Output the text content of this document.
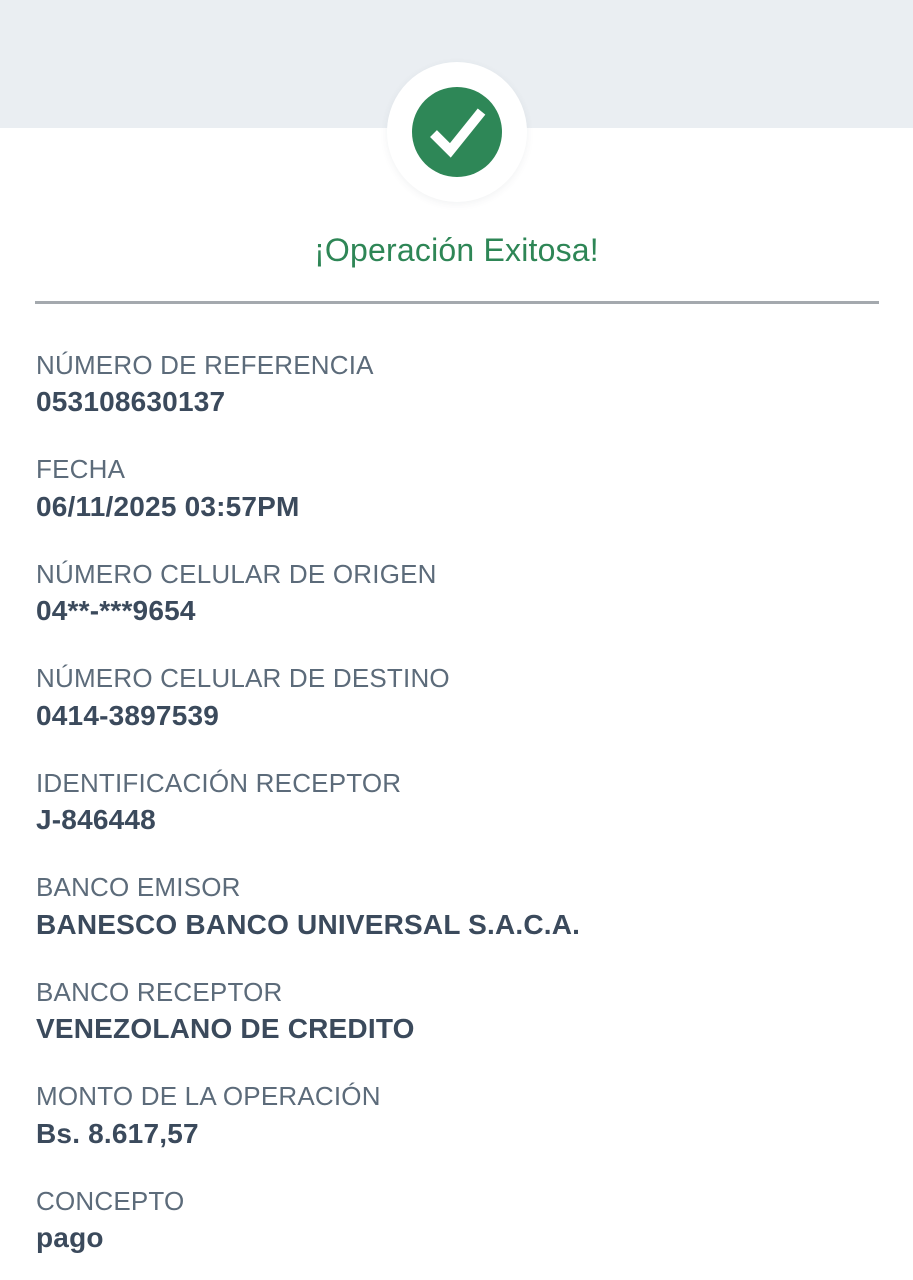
¡Operación Exitosa!
NÚMERO DE REFERENCIA
053108630137
FECHA
06/11/2025 03:57PM
NÚMERO CELULAR DE ORIGEN
04**-***9654
NÚMERO CELULAR DE DESTINO
0414-3897539
IDENTIFICACIÓN RECEPTOR
J-846448
BANCO EMISOR
BANESCO BANCO UNIVERSAL S.A.C.A.
BANCO RECEPTOR
VENEZOLANO DE CREDITO
MONTO DE LA OPERACIÓN
Bs. 8.617,57
CONCEPTO
pago
